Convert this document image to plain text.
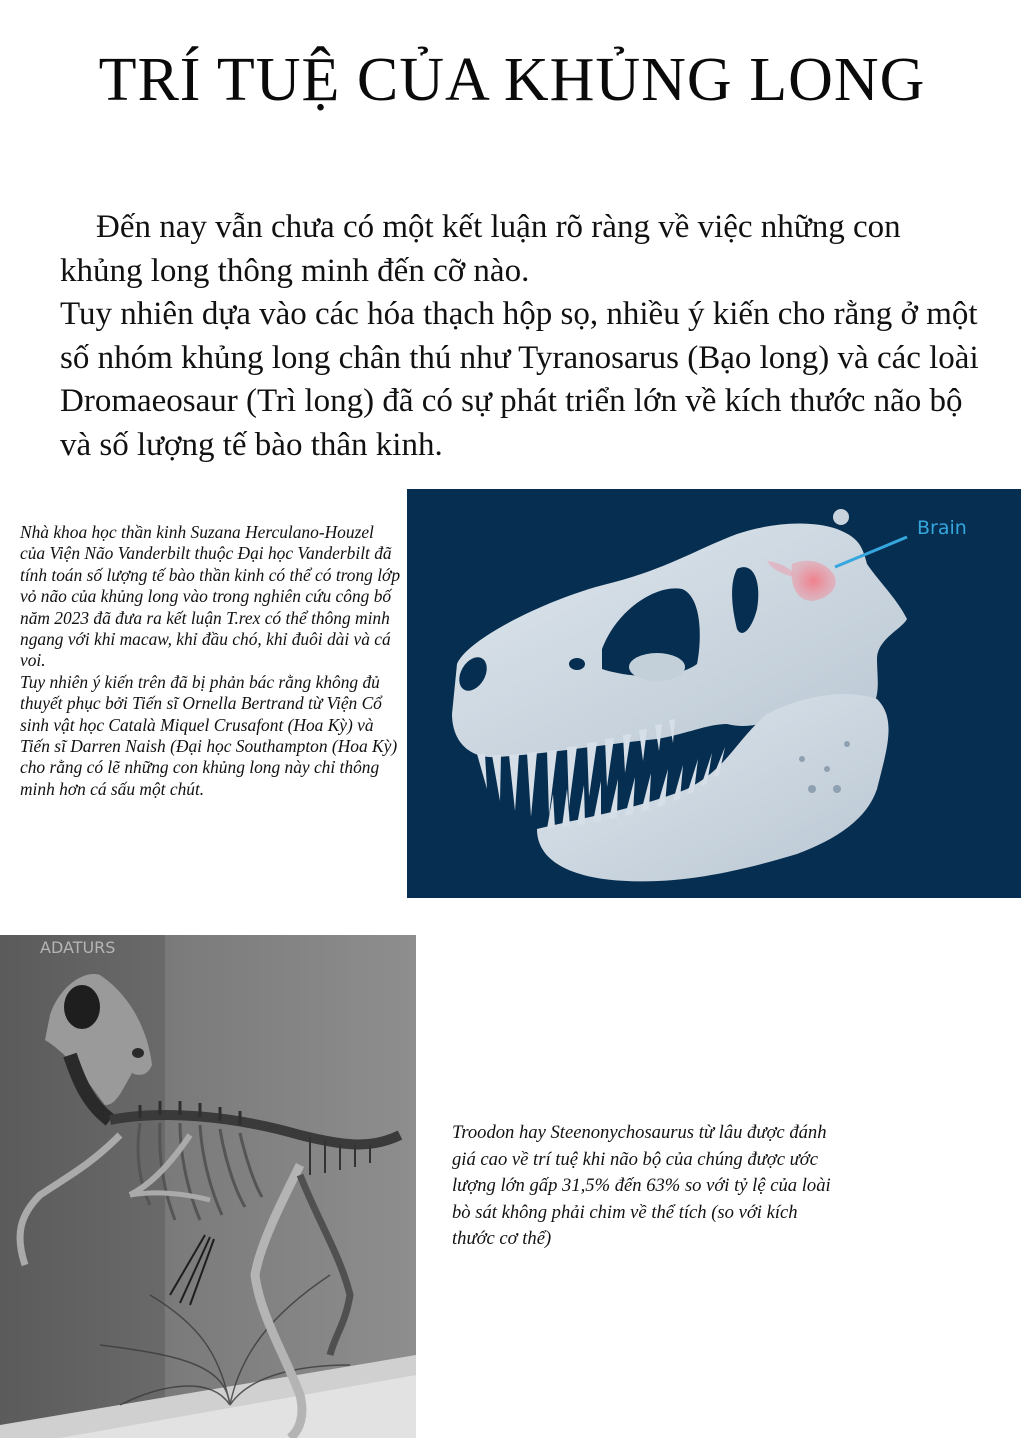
TRÍ TUỆ CỦA KHỦNG LONG

Đến nay vẫn chưa có một kết luận rõ ràng về việc những con khủng long thông minh đến cỡ nào.

Tuy nhiên dựa vào các hóa thạch hộp sọ, nhiều ý kiến cho rằng ở một số nhóm khủng long chân thú như Tyranosarus (Bạo long) và các loài Dromaeosaur (Trì long) đã có sự phát triển lớn về kích thước não bộ và số lượng tế bào thân kinh.

Nhà khoa học thần kinh Suzana Herculano-Houzel của Viện Não Vanderbilt thuộc Đại học Vanderbilt đã tính toán số lượng tế bào thần kinh có thể có trong lớp vỏ não của khủng long vào trong nghiên cứu công bố năm 2023 đã đưa ra kết luận T.rex có thể thông minh ngang với khỉ macaw, khỉ đầu chó, khỉ đuôi dài và cá voi.

Tuy nhiên ý kiến trên đã bị phản bác rằng không đủ thuyết phục bởi Tiến sĩ Ornella Bertrand từ Viện Cổ sinh vật học Català Miquel Crusafont (Hoa Kỳ) và Tiến sĩ Darren Naish (Đại học Southampton (Hoa Kỳ) cho rằng có lẽ những con khủng long này chỉ thông minh hơn cá sấu một chút.

Brain
ADATURS

Troodon hay Steenonychosaurus từ lâu được đánh giá cao về trí tuệ khi não bộ của chúng được ước lượng lớn gấp 31,5% đến 63% so với tỷ lệ của loài bò sát không phải chim về thể tích (so với kích thước cơ thể)
